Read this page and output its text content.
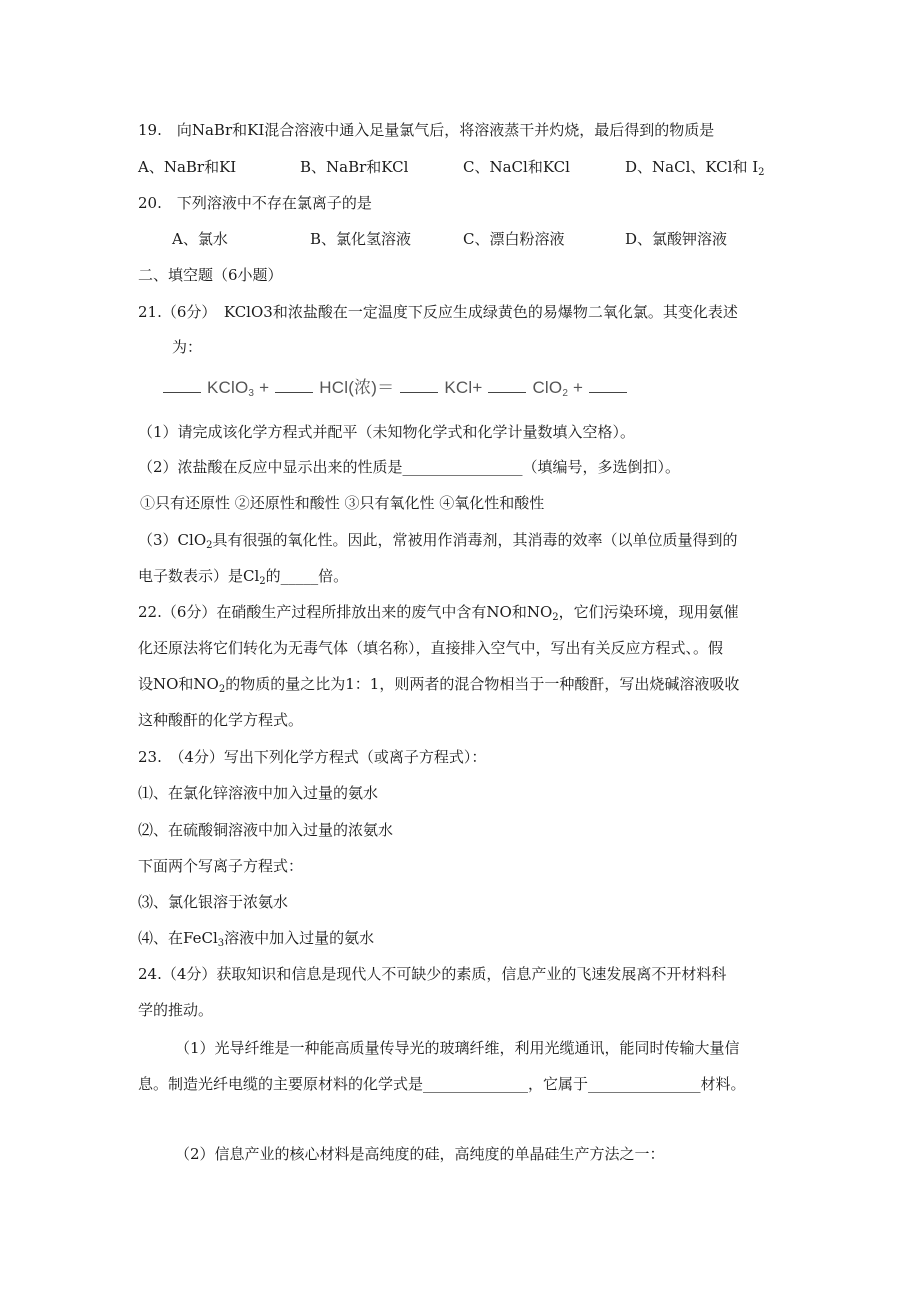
19.　向NaBr和KI混合溶液中通入足量氯气后，将溶液蒸干并灼烧，最后得到的物质是
A、NaBr和KI	B、NaBr和KCl	C、NaCl和KCl	D、NaCl、KCl和 $I_2$
20.　下列溶液中不存在氯离子的是
A、氯水	B、氯化氢溶液	C、漂白粉溶液	D、氯酸钾溶液
二、填空题（6小题）
21.（6分）　KClO3和浓盐酸在一定温度下反应生成绿黄色的易爆物二氧化氯。其变化表述
为：
KClO$_3$ +	HCl(浓)＝	KCl+	ClO$_2$ +
（1）请完成该化学方程式并配平（未知物化学式和化学计量数填入空格）。
（2）浓盐酸在反应中显示出来的性质是________________（填编号，多选倒扣）。
①只有还原性 ②还原性和酸性 ③只有氧化性 ④氧化性和酸性
（3）ClO$_2$具有很强的氧化性。因此，常被用作消毒剂，其消毒的效率（以单位质量得到的
电子数表示）是$Cl_2$的_____倍。
22.（6分）在硝酸生产过程所排放出来的废气中含有NO和$NO_2$，它们污染环境，现用氨催
化还原法将它们转化为无毒气体（填名称），直接排入空气中，写出有关反应方程式、。假
设NO和$NO_2$的物质的量之比为1：1，则两者的混合物相当于一种酸酐，写出烧碱溶液吸收
这种酸酐的化学方程式。
23.　（4分）写出下列化学方程式（或离子方程式）：
⑴、在氯化锌溶液中加入过量的氨水
⑵、在硫酸铜溶液中加入过量的浓氨水
下面两个写离子方程式：
⑶、氯化银溶于浓氨水
⑷、在FeCl$_3$溶液中加入过量的氨水
24.（4分）获取知识和信息是现代人不可缺少的素质，信息产业的飞速发展离不开材料科
学的推动。
（1）光导纤维是一种能高质量传导光的玻璃纤维，利用光缆通讯，能同时传输大量信
息。制造光纤电缆的主要原材料的化学式是______________，它属于_______________材料。
（2）信息产业的核心材料是高纯度的硅，高纯度的单晶硅生产方法之一：
